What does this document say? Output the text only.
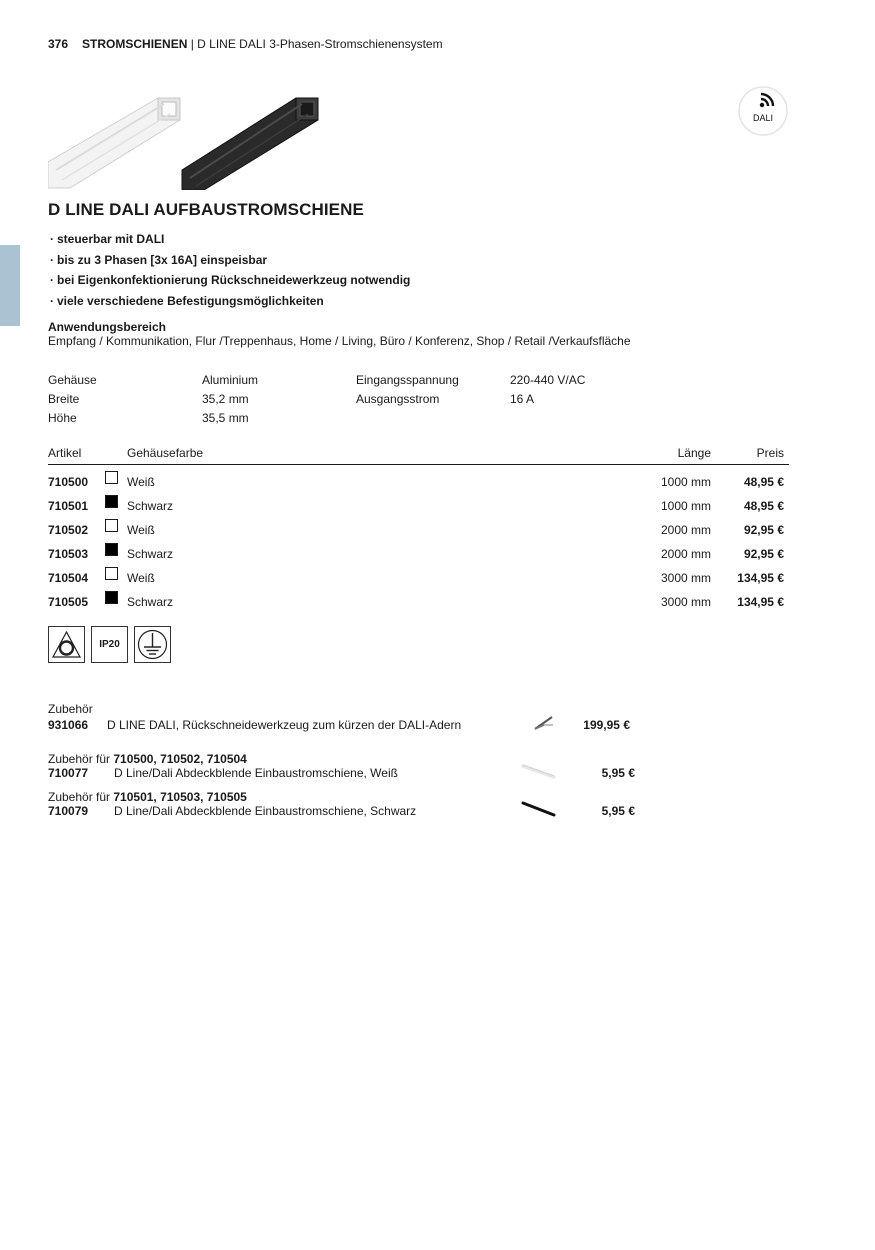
376 STROMSCHIENEN | D LINE DALI 3-Phasen-Stromschienensystem
DALI
D LINE DALI AUFBAUSTROMSCHIENE
· steuerbar mit DALI
· bis zu 3 Phasen [3x 16A] einspeisbar
· bei Eigenkonfektionierung Rückschneidewerkzeug notwendig
· viele verschiedene Befestigungsmöglichkeiten
Anwendungsbereich
Empfang / Kommunikation, Flur /Treppenhaus, Home / Living, Büro / Konferenz, Shop / Retail /Verkaufsfläche
Gehäuse	Aluminium
Breite	35,2 mm
Höhe	35,5 mm
Eingangsspannung	220-440 V/AC
Ausgangsstrom	16 A
Artikel	Gehäusefarbe	Länge	Preis
710500	Weiß	1000 mm	48,95 €
710501	Schwarz	1000 mm	48,95 €
710502	Weiß	2000 mm	92,95 €
710503	Schwarz	2000 mm	92,95 €
710504	Weiß	3000 mm 134,95 €
710505	Schwarz	3000 mm 134,95 €
IP20
Zubehör
931066 D LINE DALI, Rückschneidewerkzeug zum kürzen der DALI-Adern	199,95 €
Zubehör für 710500, 710502, 710504
710077 D Line/Dali Abdeckblende Einbaustromschiene, Weiß	5,95 €
Zubehör für 710501, 710503, 710505
710079 D Line/Dali Abdeckblende Einbaustromschiene, Schwarz	5,95 €
